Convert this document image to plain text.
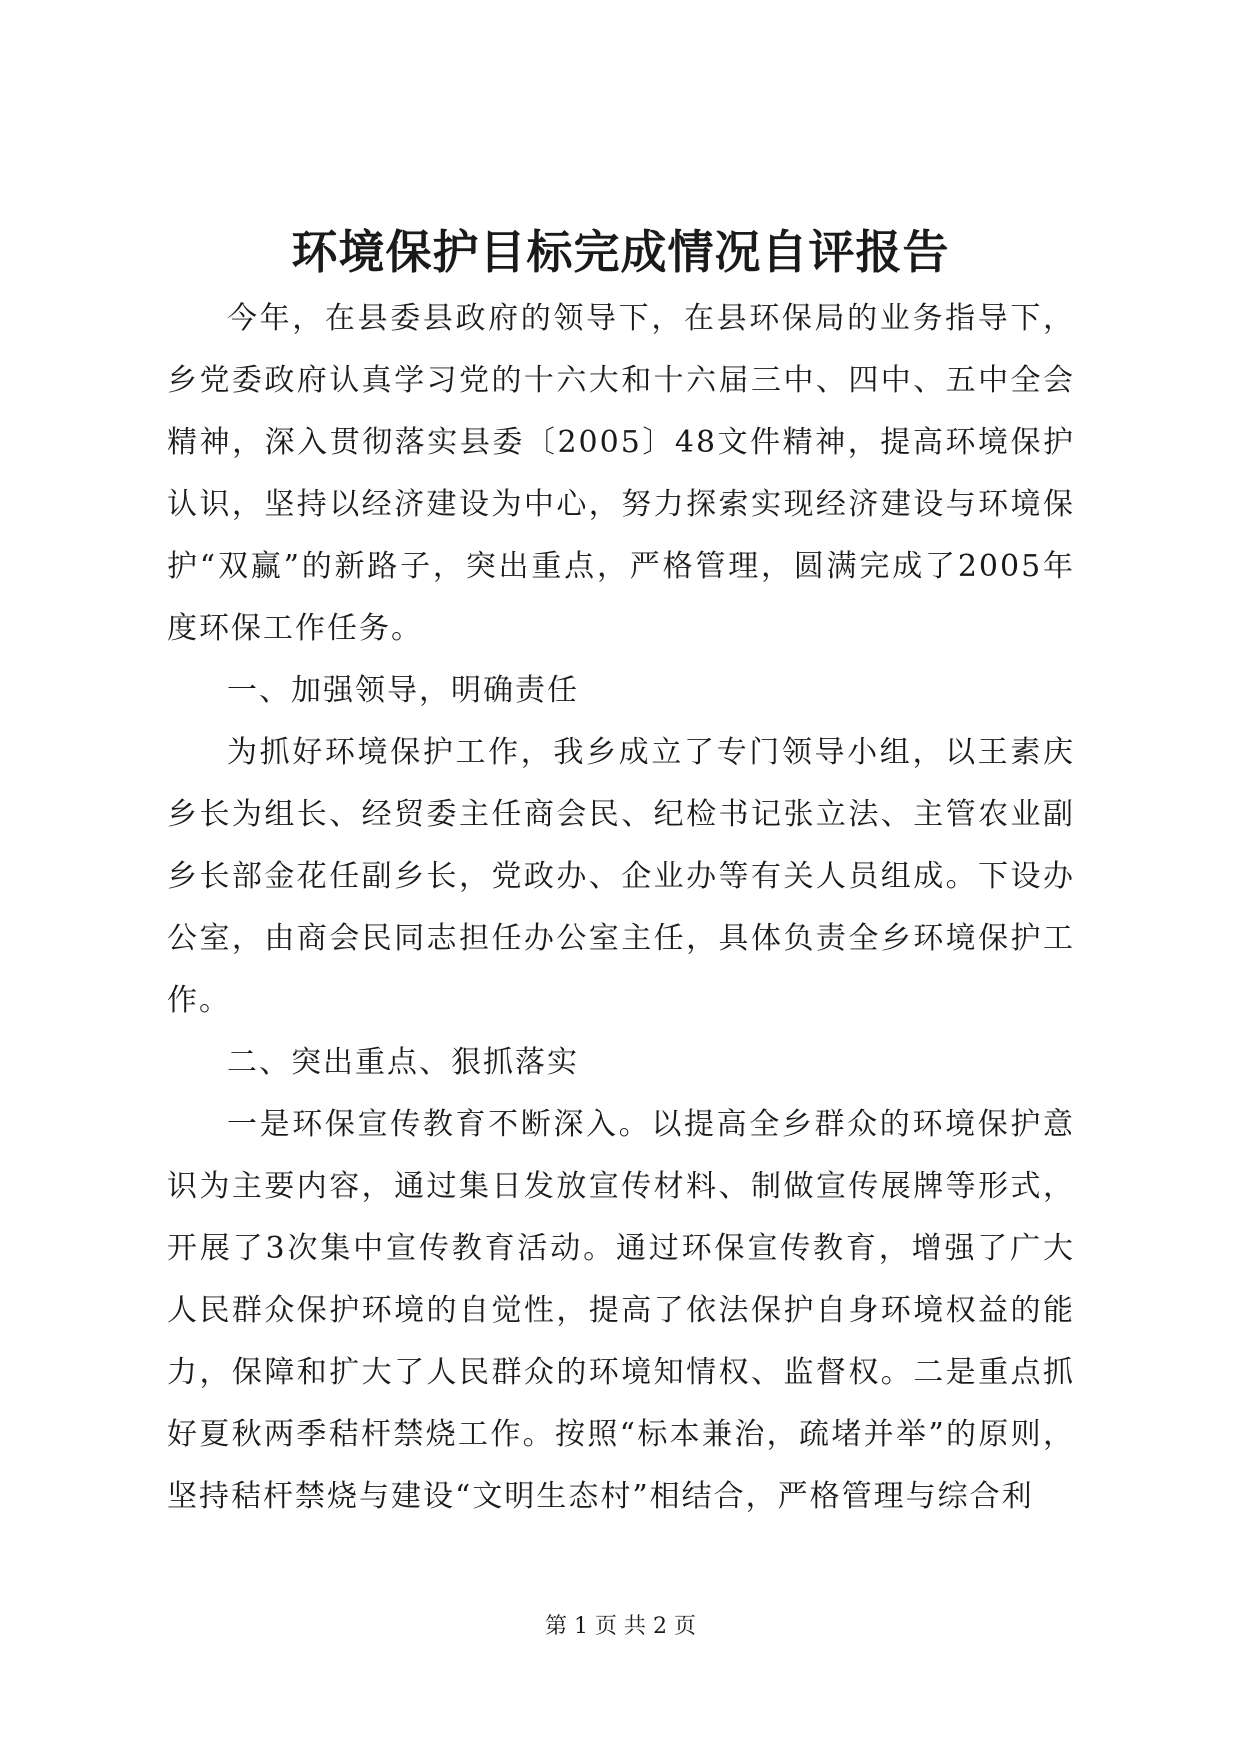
环境保护目标完成情况自评报告

今年，在县委县政府的领导下，在县环保局的业务指导下，乡党委政府认真学习党的十六大和十六届三中、四中、五中全会精神，深入贯彻落实县委〔2005〕48文件精神，提高环境保护认识，坚持以经济建设为中心，努力探索实现经济建设与环境保护“双赢”的新路子，突出重点，严格管理，圆满完成了2005年度环保工作任务。

一、加强领导，明确责任

为抓好环境保护工作，我乡成立了专门领导小组，以王素庆乡长为组长、经贸委主任商会民、纪检书记张立法、主管农业副乡长部金花任副乡长，党政办、企业办等有关人员组成。下设办公室，由商会民同志担任办公室主任，具体负责全乡环境保护工作。

二、突出重点、狠抓落实

一是环保宣传教育不断深入。以提高全乡群众的环境保护意识为主要内容，通过集日发放宣传材料、制做宣传展牌等形式，开展了3次集中宣传教育活动。通过环保宣传教育，增强了广大人民群众保护环境的自觉性，提高了依法保护自身环境权益的能力，保障和扩大了人民群众的环境知情权、监督权。二是重点抓好夏秋两季秸杆禁烧工作。按照“标本兼治，疏堵并举”的原则，坚持秸杆禁烧与建设“文明生态村”相结合，严格管理与综合利

第 1 页 共 2 页
